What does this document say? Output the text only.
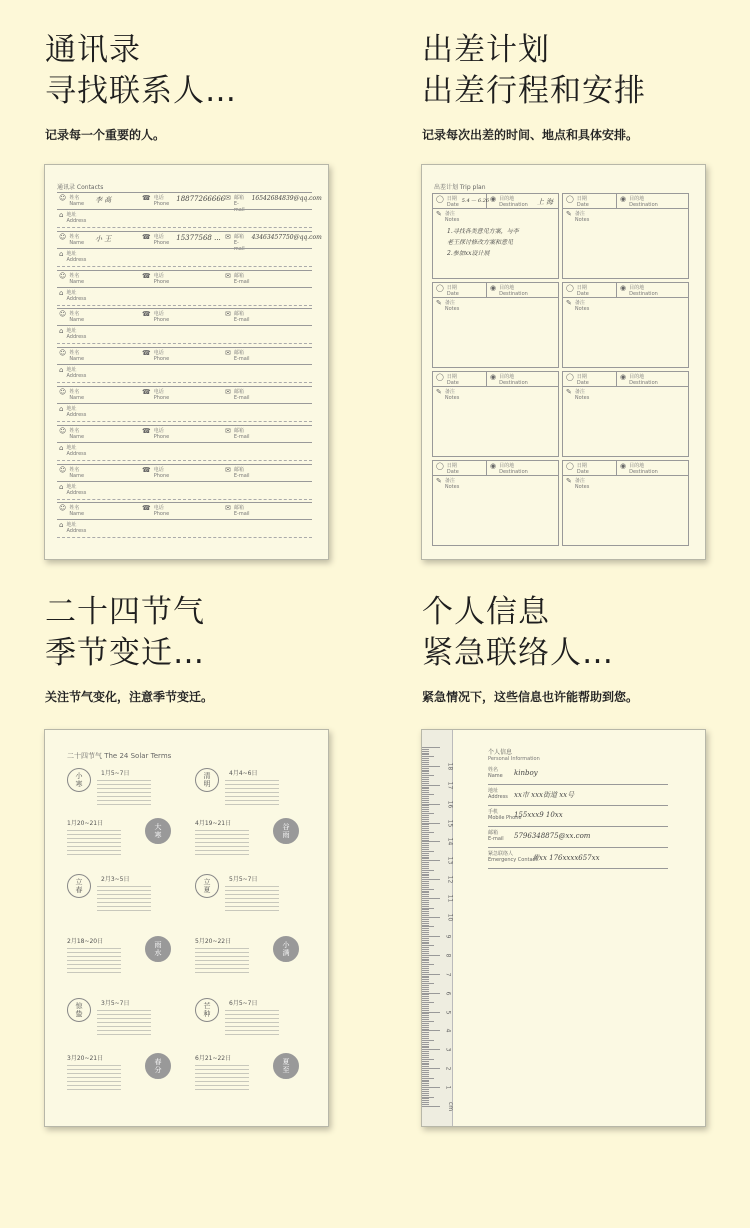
通讯录
寻找联系人…
记录每一个重要的人。
出差计划
出差行程和安排
记录每次出差的时间、地点和具体安排。
二十四节气
季节变迁…
关注节气变化，注意季节变迁。
个人信息
紧急联络人…
紧急情况下，这些信息也许能帮助到您。
通讯录 Contacts
☺ 姓名
Name 李 高	☎ 电话
Phone
18877266666 ✉ 邮箱
E-mail
16542684839@qq.com
⌂ 地址
Address
☺ 姓名
Name 小 王	☎ 电话
Phone
15377568 ... ✉ 邮箱
E-mail
43463457750@qq.com
⌂ 地址
Address
☺ 姓名
Name
☎ 电话
Phone
✉ 邮箱
E-mail
⌂ 地址
Address
☺ 姓名
Name
☎ 电话
Phone
✉ 邮箱
E-mail
⌂ 地址
Address
☺ 姓名
Name
☎ 电话
Phone
✉ 邮箱
E-mail
⌂ 地址
Address
☺ 姓名
Name
☎ 电话
Phone
✉ 邮箱
E-mail
⌂ 地址
Address
☺ 姓名
Name
☎ 电话
Phone
✉ 邮箱
E-mail
⌂ 地址
Address
☺ 姓名
Name
☎ 电话
Phone
✉ 邮箱
E-mail
⌂ 地址
Address
☺ 姓名
Name
☎ 电话
Phone
✉ 邮箱
E-mail
⌂ 地址
Address
出差计划 Trip plan
◯ 日期
Date
5.4 — 6.26 ◉ 目的地
Destination 上 海
✎ 备注
Notes
1.寻找各类意见方案，与李
老王探讨修改方案和意见
2.参加xx设计展
◯ 日期
Date
◉ 目的地
Destination
✎ 备注
Notes
◯ 日期
Date
◉ 目的地
Destination
✎ 备注
Notes
◯ 日期
Date
◉ 目的地
Destination
✎ 备注
Notes
◯ 日期
Date
◉ 目的地
Destination
✎ 备注
Notes
◯ 日期
Date
◉ 目的地
Destination
✎ 备注
Notes
◯ 日期
Date
◉ 目的地
Destination
✎ 备注
Notes
◯ 日期
Date
◉ 目的地
Destination
✎ 备注
Notes
二十四节气 The 24 Solar Terms
小
寒
1月5~7日
大
寒
1月20~21日
立
春
2月3~5日
雨
水
2月18~20日
惊
蛰
3月5~7日
春
分
3月20~21日
清
明
4月4~6日
谷
雨
4月19~21日
立
夏
5月5~7日
小
满
5月20~22日
芒
种
6月5~7日
夏
至
6月21~22日
1
2
3
4
5
6
7
8
9
10
11
12
13
14
15
16
17
18
cm
个人信息
Personal Information
姓名
Name kinboy
地址
Address xx市 xxx街道 xx号
手机
Mobile Phone
155xxx9 10xx
邮箱
E-mail 5796348875@xx.com
紧急联络人
Emergency Contact
黄xx 176xxxx657xx
